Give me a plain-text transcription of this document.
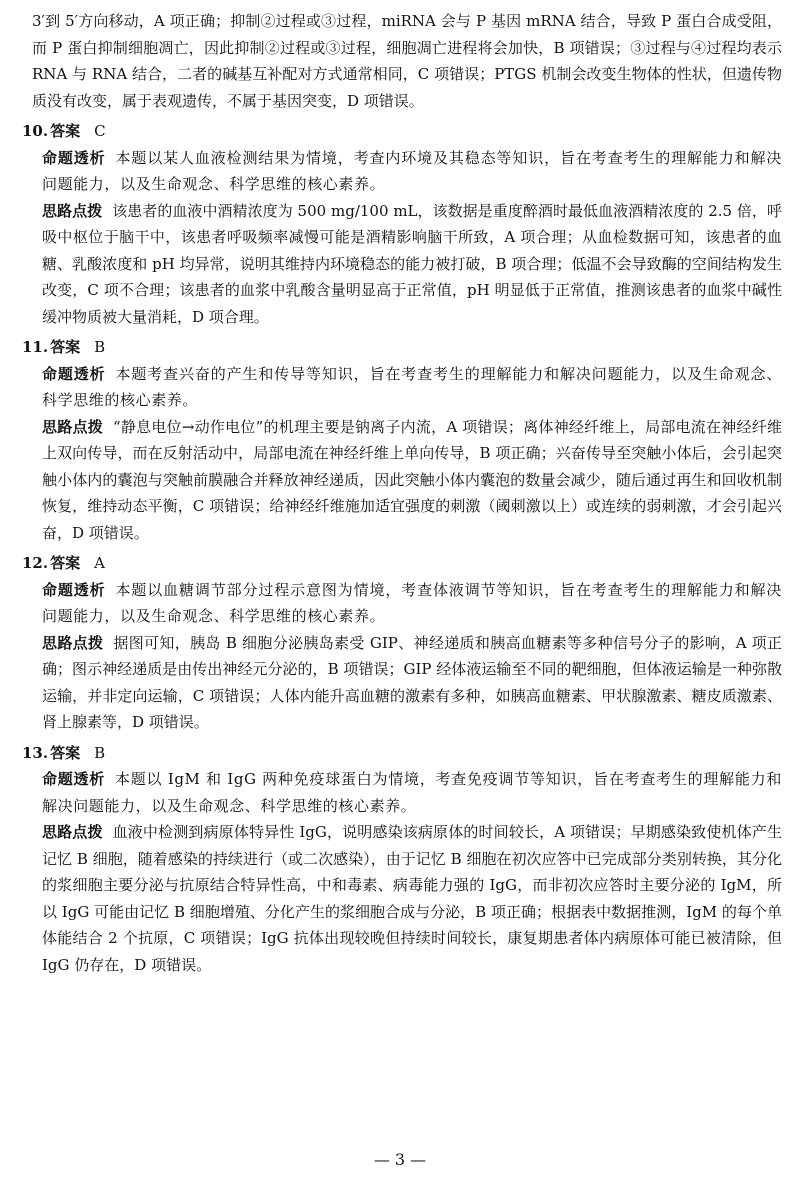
3′到 5′方向移动，A 项正确；抑制②过程或③过程，miRNA 会与 P 基因 mRNA 结合，导致 P 蛋白合成受阻，而 P 蛋白抑制细胞凋亡，因此抑制②过程或③过程，细胞凋亡进程将会加快，B 项错误；③过程与④过程均表示 RNA 与 RNA 结合，二者的碱基互补配对方式通常相同，C 项错误；PTGS 机制会改变生物体的性状，但遗传物质没有改变，属于表观遗传，不属于基因突变，D 项错误。

10. 答案 C

命题透析 本题以某人血液检测结果为情境，考查内环境及其稳态等知识，旨在考查考生的理解能力和解决问题能力，以及生命观念、科学思维的核心素养。

思路点拨 该患者的血液中酒精浓度为 500 mg/100 mL，该数据是重度醉酒时最低血液酒精浓度的 2.5 倍，呼吸中枢位于脑干中，该患者呼吸频率减慢可能是酒精影响脑干所致，A 项合理；从血检数据可知，该患者的血糖、乳酸浓度和 pH 均异常，说明其维持内环境稳态的能力被打破，B 项合理；低温不会导致酶的空间结构发生改变，C 项不合理；该患者的血浆中乳酸含量明显高于正常值，pH 明显低于正常值，推测该患者的血浆中碱性缓冲物质被大量消耗，D 项合理。

11. 答案 B

命题透析 本题考查兴奋的产生和传导等知识，旨在考查考生的理解能力和解决问题能力，以及生命观念、科学思维的核心素养。

思路点拨 “静息电位→动作电位”的机理主要是钠离子内流，A 项错误；离体神经纤维上，局部电流在神经纤维上双向传导，而在反射活动中，局部电流在神经纤维上单向传导，B 项正确；兴奋传导至突触小体后，会引起突触小体内的囊泡与突触前膜融合并释放神经递质，因此突触小体内囊泡的数量会减少，随后通过再生和回收机制恢复，维持动态平衡，C 项错误；给神经纤维施加适宜强度的刺激（阈刺激以上）或连续的弱刺激，才会引起兴奋，D 项错误。

12. 答案 A

命题透析 本题以血糖调节部分过程示意图为情境，考查体液调节等知识，旨在考查考生的理解能力和解决问题能力，以及生命观念、科学思维的核心素养。

思路点拨 据图可知，胰岛 B 细胞分泌胰岛素受 GIP、神经递质和胰高血糖素等多种信号分子的影响，A 项正确；图示神经递质是由传出神经元分泌的，B 项错误；GIP 经体液运输至不同的靶细胞，但体液运输是一种弥散运输，并非定向运输，C 项错误；人体内能升高血糖的激素有多种，如胰高血糖素、甲状腺激素、糖皮质激素、肾上腺素等，D 项错误。

13. 答案 B

命题透析 本题以 IgM 和 IgG 两种免疫球蛋白为情境，考查免疫调节等知识，旨在考查考生的理解能力和解决问题能力，以及生命观念、科学思维的核心素养。

思路点拨 血液中检测到病原体特异性 IgG，说明感染该病原体的时间较长，A 项错误；早期感染致使机体产生记忆 B 细胞，随着感染的持续进行（或二次感染），由于记忆 B 细胞在初次应答中已完成部分类别转换，其分化的浆细胞主要分泌与抗原结合特异性高，中和毒素、病毒能力强的 IgG，而非初次应答时主要分泌的 IgM，所以 IgG 可能由记忆 B 细胞增殖、分化产生的浆细胞合成与分泌，B 项正确；根据表中数据推测，IgM 的每个单体能结合 2 个抗原，C 项错误；IgG 抗体出现较晚但持续时间较长，康复期患者体内病原体可能已被清除，但 IgG 仍存在，D 项错误。

— 3 —
